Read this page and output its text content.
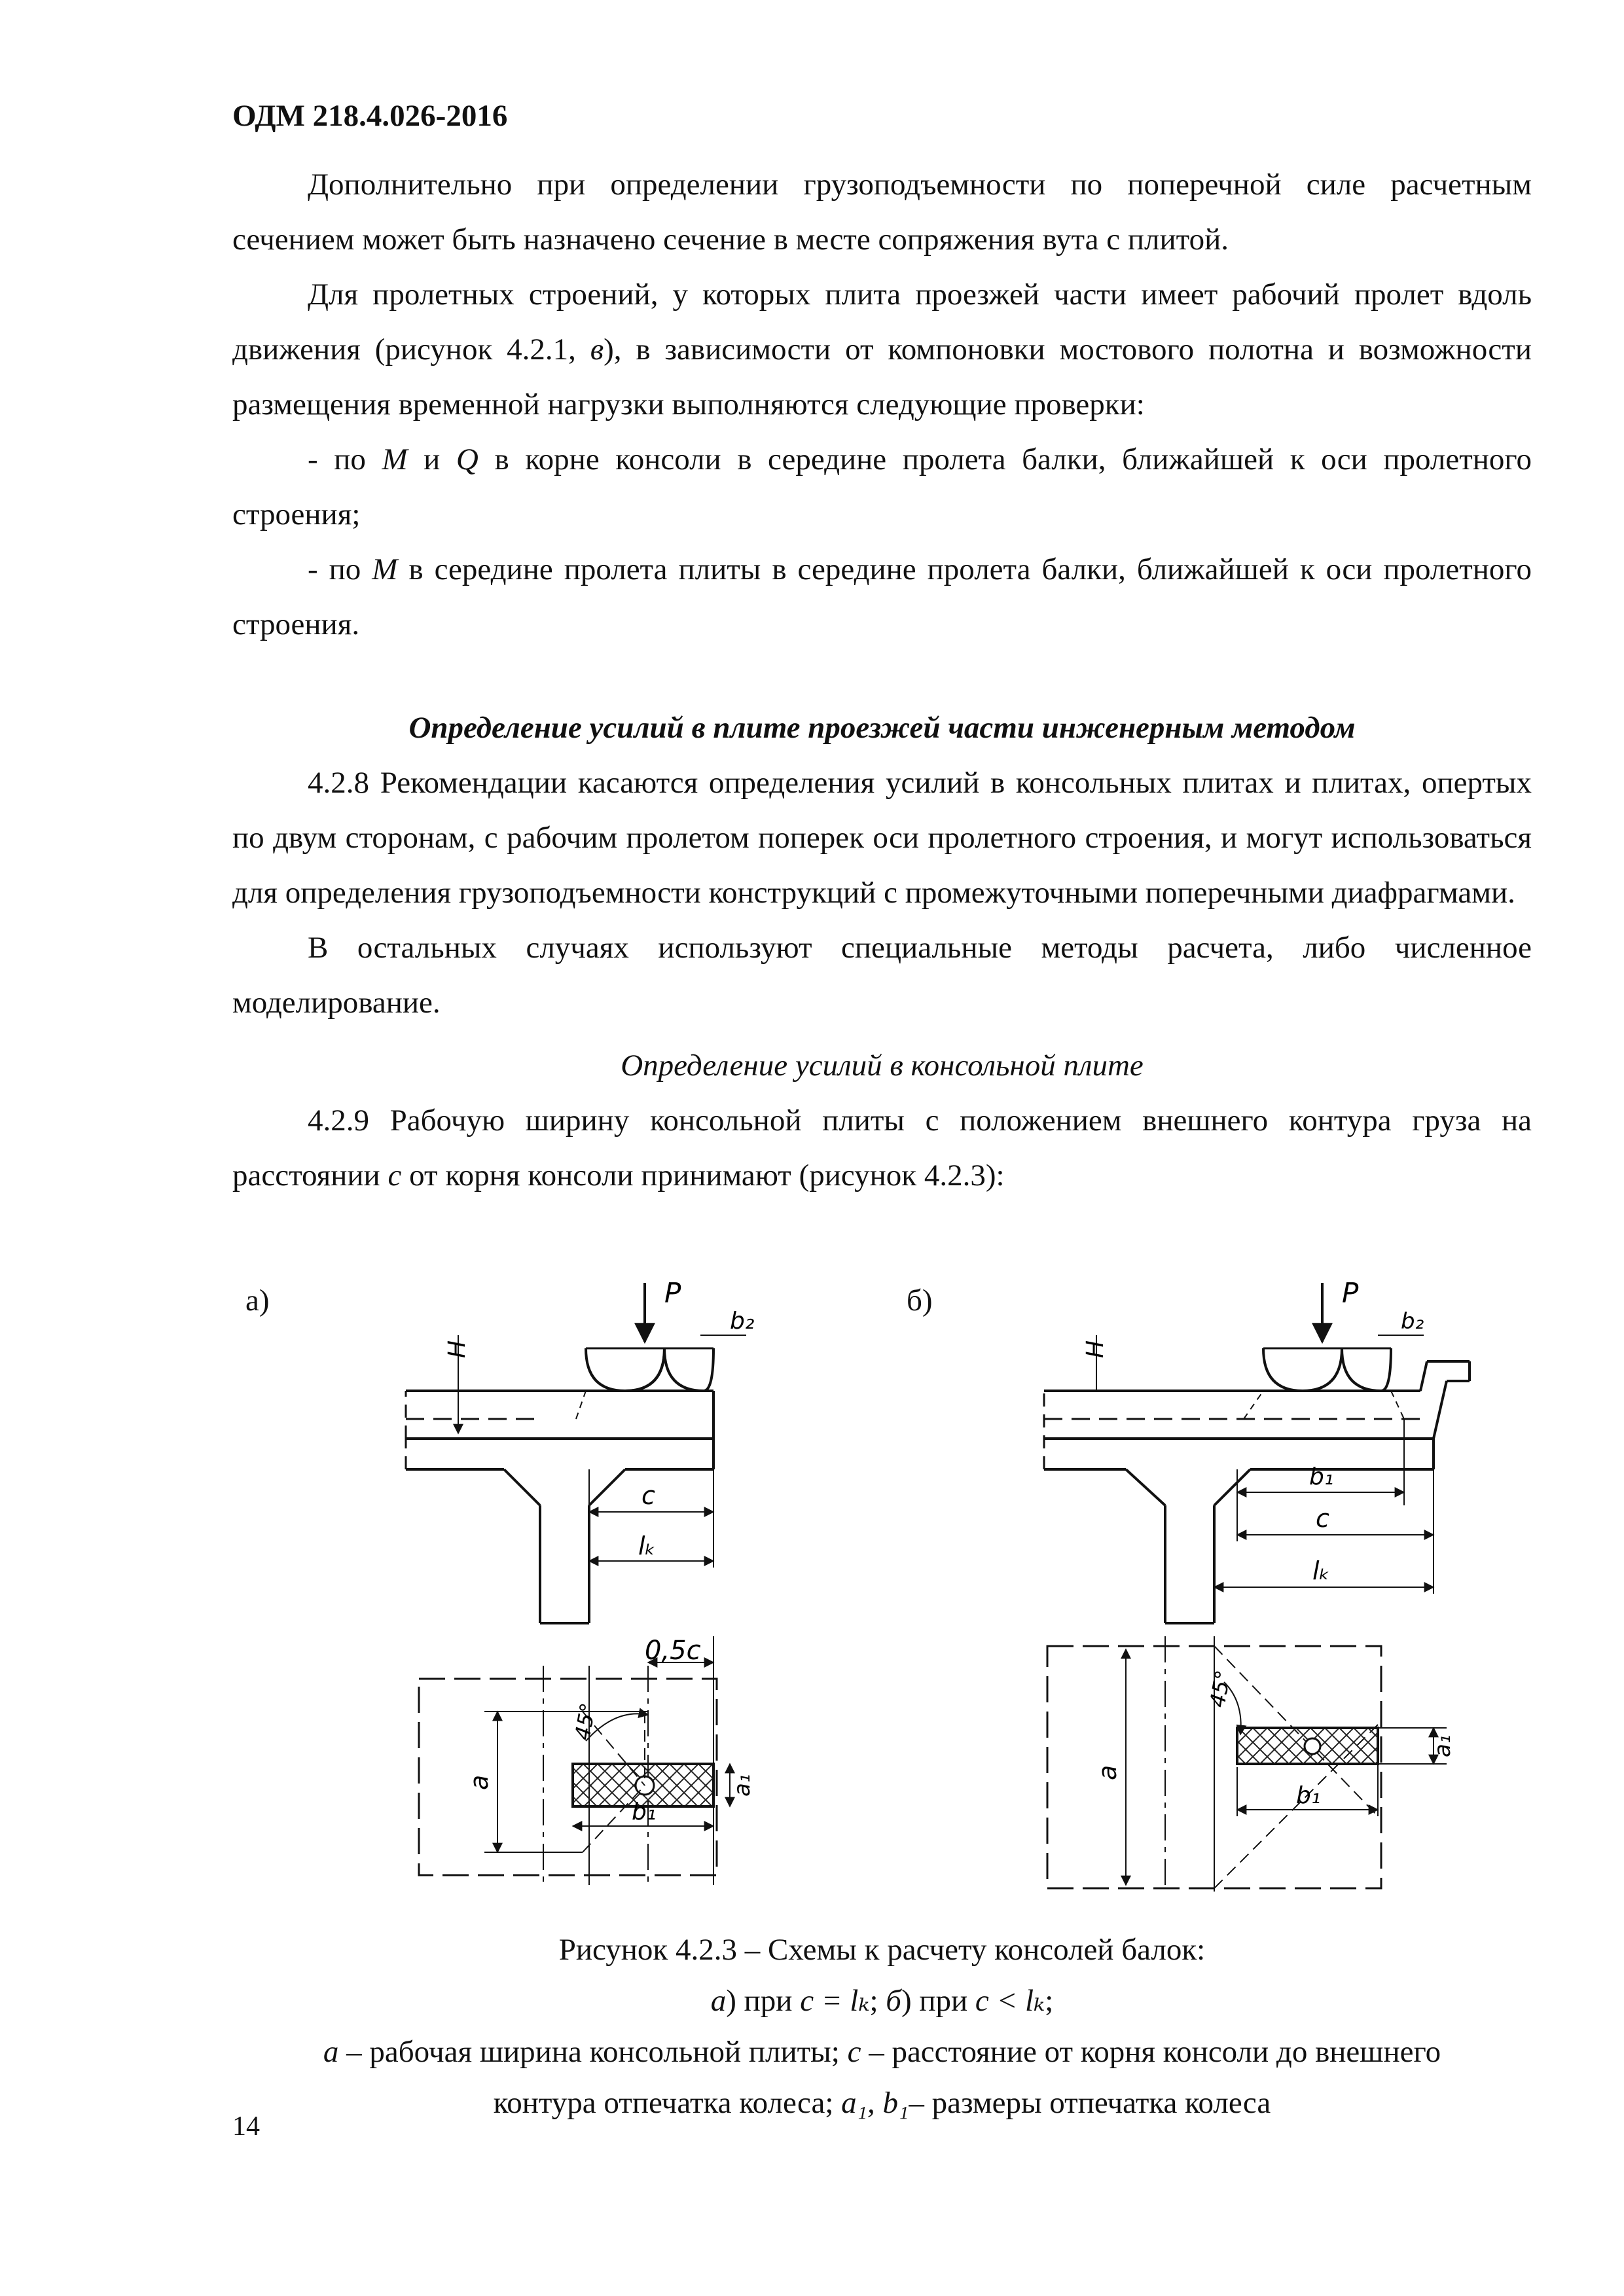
ОДМ 218.4.026-2016

Дополнительно при определении грузоподъемности по поперечной силе расчетным сечением может быть назначено сечение в месте сопряжения вута с плитой.

Для пролетных строений, у которых плита проезжей части имеет рабочий пролет вдоль движения (рисунок 4.2.1, в), в зависимости от компоновки мостового полотна и возможности размещения временной нагрузки выполняются следующие проверки:

- по M и Q в корне консоли в середине пролета балки, ближайшей к оси пролетного строения;

- по M в середине пролета плиты в середине пролета балки, ближайшей к оси пролетного строения.

Определение усилий в плите проезжей части инженерным методом

4.2.8 Рекомендации касаются определения усилий в консольных плитах и плитах, опертых по двум сторонам, с рабочим пролетом поперек оси пролетного строения, и могут использоваться для определения грузоподъемности конструкций с промежуточными поперечными диафрагмами.

В остальных случаях используют специальные методы расчета, либо численное моделирование.

Определение усилий в консольной плите

4.2.9 Рабочую ширину консольной плиты с положением внешнего контура груза на расстоянии c от корня консоли принимают (рисунок 4.2.3):

а)	б)
P
b₂
H
c
lₖ
0,5c
45°
a	a₁
b₁
P
b₂
H
b₁
c
lₖ
45°
a
a₁
b₁
Рисунок 4.2.3 – Схемы к расчету консолей балок:
а) при c = lₖ; б) при c < lₖ;
a – рабочая ширина консольной плиты; c – расстояние от корня консоли до внешнего
контура отпечатка колеса; a₁, b₁– размеры отпечатка колеса
14
